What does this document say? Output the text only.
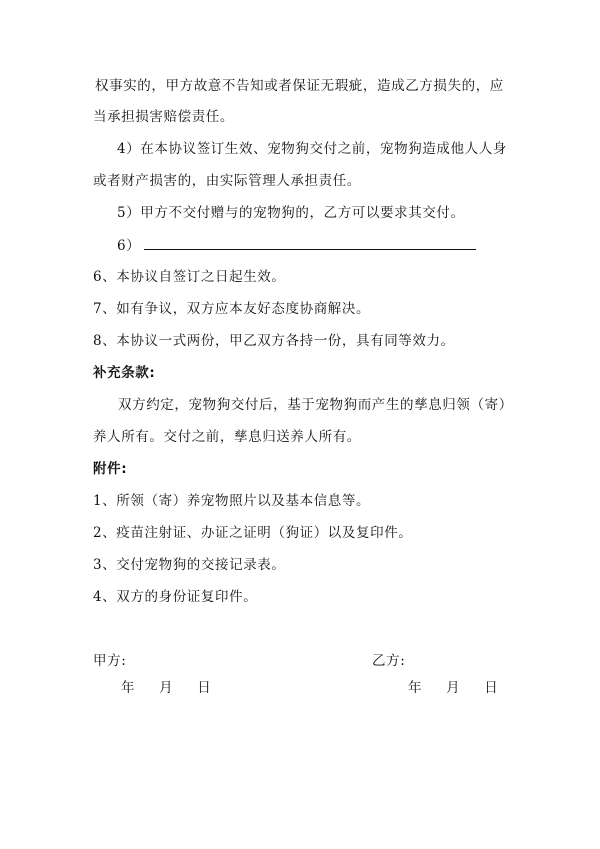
权事实的，甲方故意不告知或者保证无瑕疵，造成乙方损失的，应
当承担损害赔偿责任。
4）在本协议签订生效、宠物狗交付之前，宠物狗造成他人人身
或者财产损害的，由实际管理人承担责任。
5）甲方不交付赠与的宠物狗的，乙方可以要求其交付。
6）
6、本协议自签订之日起生效。
7、如有争议，双方应本友好态度协商解决。
8、本协议一式两份，甲乙双方各持一份，具有同等效力。
补充条款:
双方约定，宠物狗交付后，基于宠物狗而产生的孳息归领（寄）
养人所有。交付之前，孳息归送养人所有。
附件:
1、所领（寄）养宠物照片以及基本信息等。
2、疫苗注射证、办证之证明（狗证）以及复印件。
3、交付宠物狗的交接记录表。
4、双方的身份证复印件。
甲方:	乙方:
年 月 日	年 月 日
